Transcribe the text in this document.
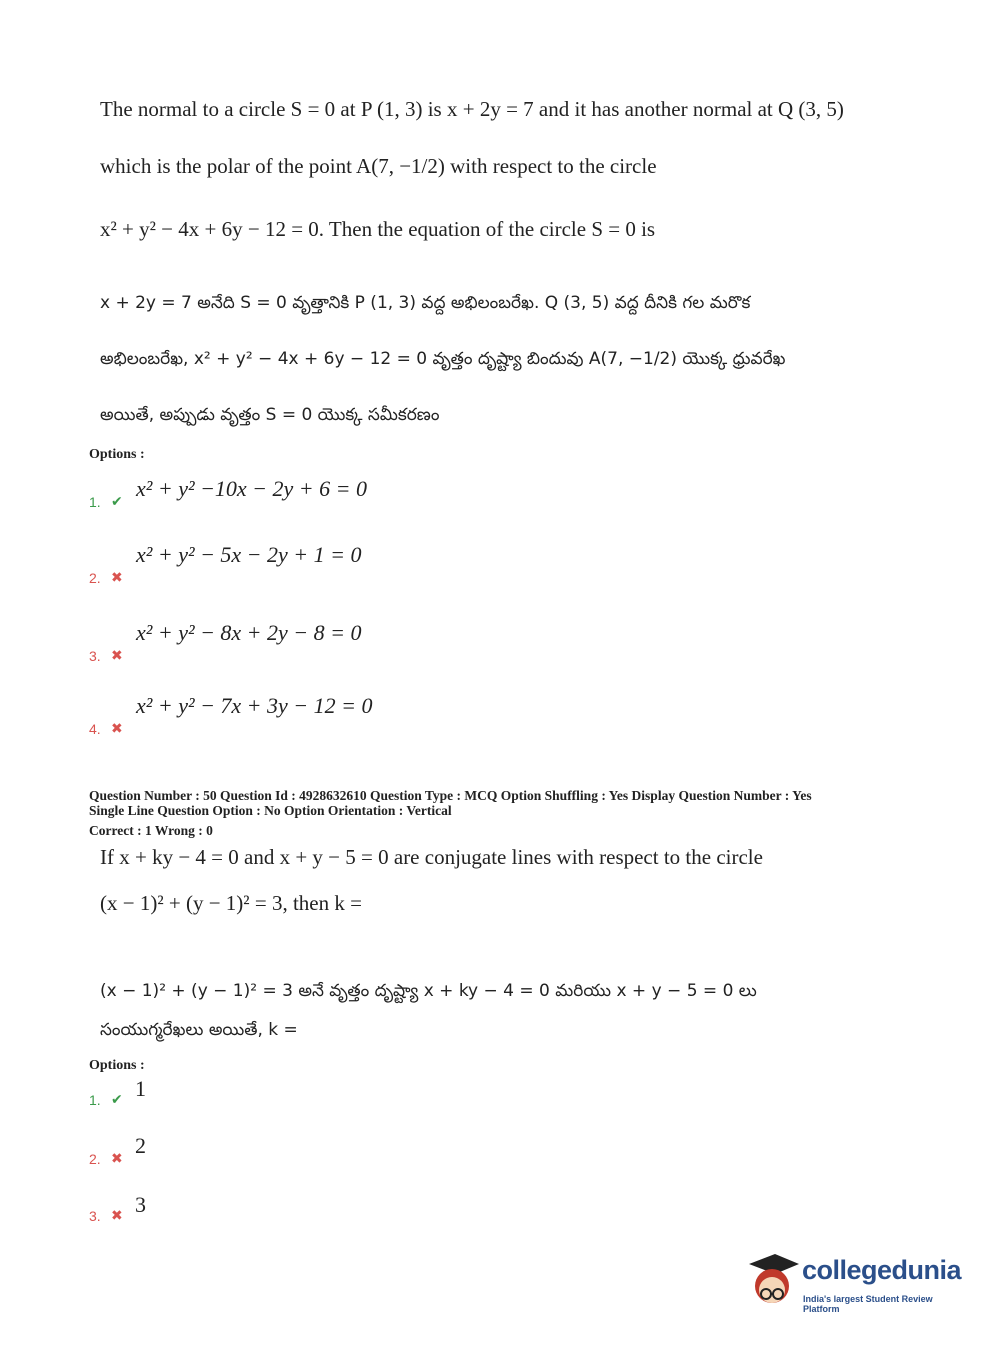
The normal to a circle S = 0 at P (1, 3) is x + 2y = 7 and it has another normal at Q (3, 5)
which is the polar of the point A(7, −1/2) with respect to the circle
x² + y² − 4x + 6y − 12 = 0. Then the equation of the circle S = 0 is
x + 2y = 7 అనేది S = 0 వృత్తానికి P (1, 3) వద్ద అభిలంబరేఖ. Q (3, 5) వద్ద దీనికి గల మరొక
అభిలంబరేఖ, x² + y² − 4x + 6y − 12 = 0 వృత్తం దృష్ట్యా బిందువు A(7, −1/2) యొక్క ధ్రువరేఖ
అయితే, అప్పుడు వృత్తం S = 0 యొక్క సమీకరణం
Options :
1. ✔
x² + y² −10x − 2y + 6 = 0
2. ✖
x² + y² − 5x − 2y + 1 = 0
3. ✖
x² + y² − 8x + 2y − 8 = 0
4. ✖
x² + y² − 7x + 3y − 12 = 0
Question Number : 50 Question Id : 4928632610 Question Type : MCQ Option Shuffling : Yes Display Question Number : Yes
Single Line Question Option : No Option Orientation : Vertical
Correct : 1 Wrong : 0
If x + ky − 4 = 0 and x + y − 5 = 0 are conjugate lines with respect to the circle
(x − 1)² + (y − 1)² = 3, then k =
(x − 1)² + (y − 1)² = 3 అనే వృత్తం దృష్ట్యా x + ky − 4 = 0 మరియు x + y − 5 = 0 లు
సంయుగ్మరేఖలు అయితే, k =
Options :
1. ✔ 1
2. ✖
2
3. ✖ 3
collegedunia
India's largest Student Review Platform
